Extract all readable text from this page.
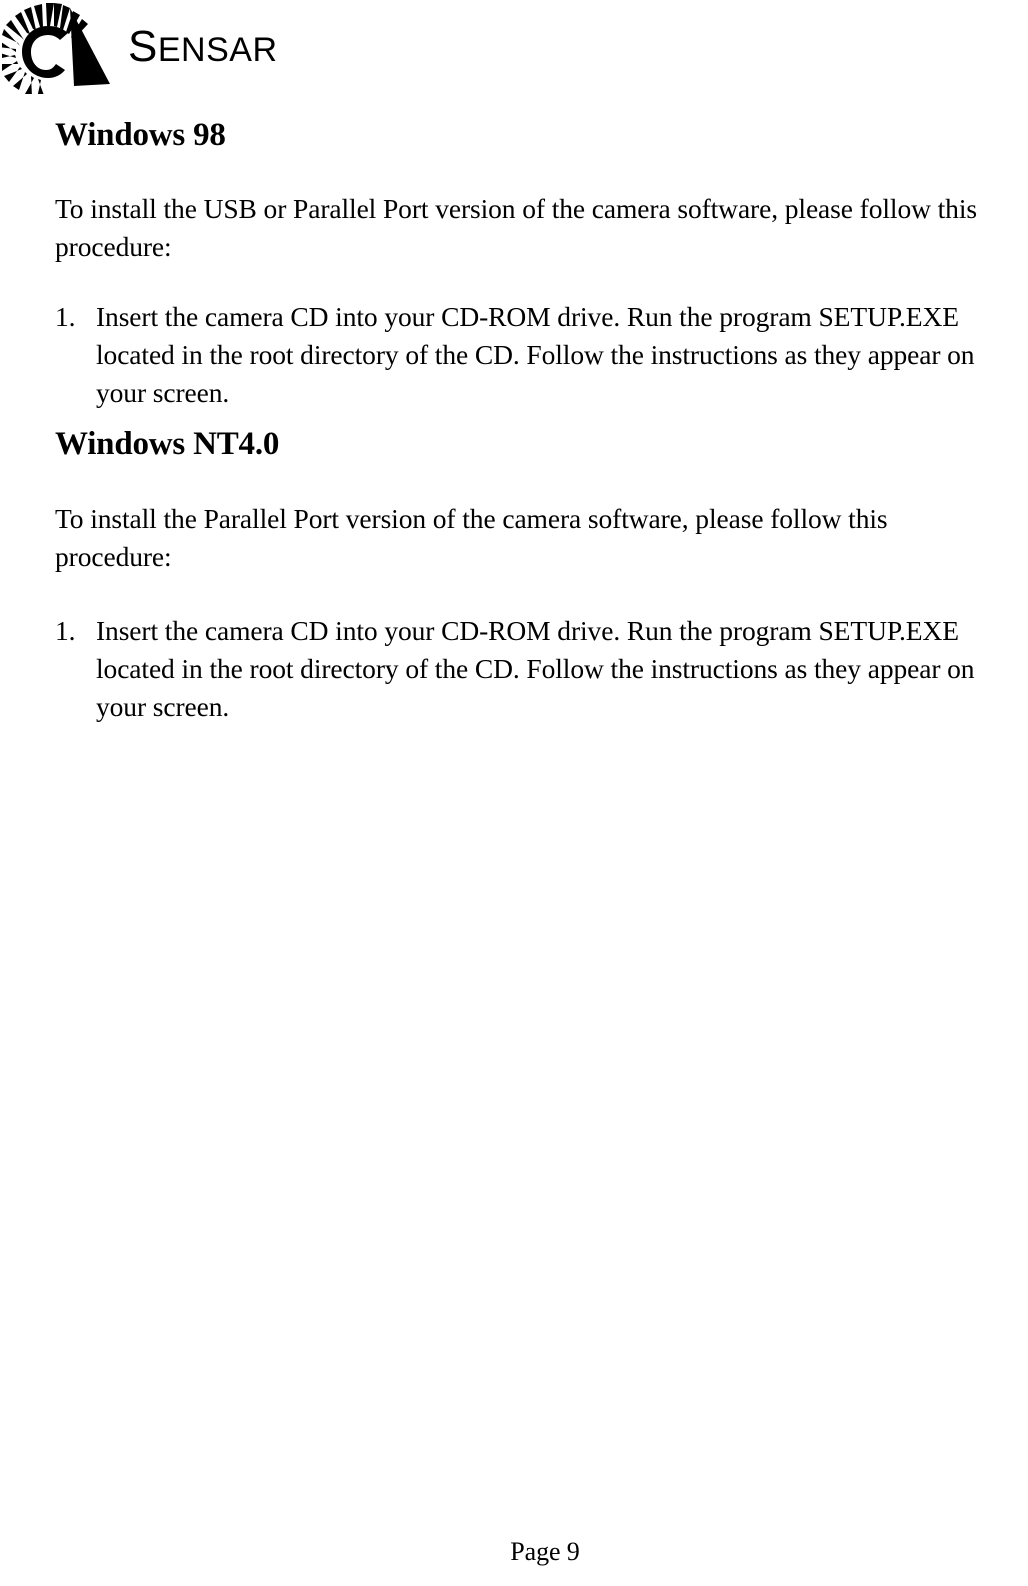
SENSAR
Windows 98

To install the USB or Parallel Port version of the camera software, please follow this procedure:

1. Insert the camera CD into your CD-ROM drive. Run the program SETUP.EXE located in the root directory of the CD. Follow the instructions as they appear on your screen.
Windows NT4.0

To install the Parallel Port version of the camera software, please follow this procedure:

1. Insert the camera CD into your CD-ROM drive. Run the program SETUP.EXE located in the root directory of the CD. Follow the instructions as they appear on your screen.
Page 9
